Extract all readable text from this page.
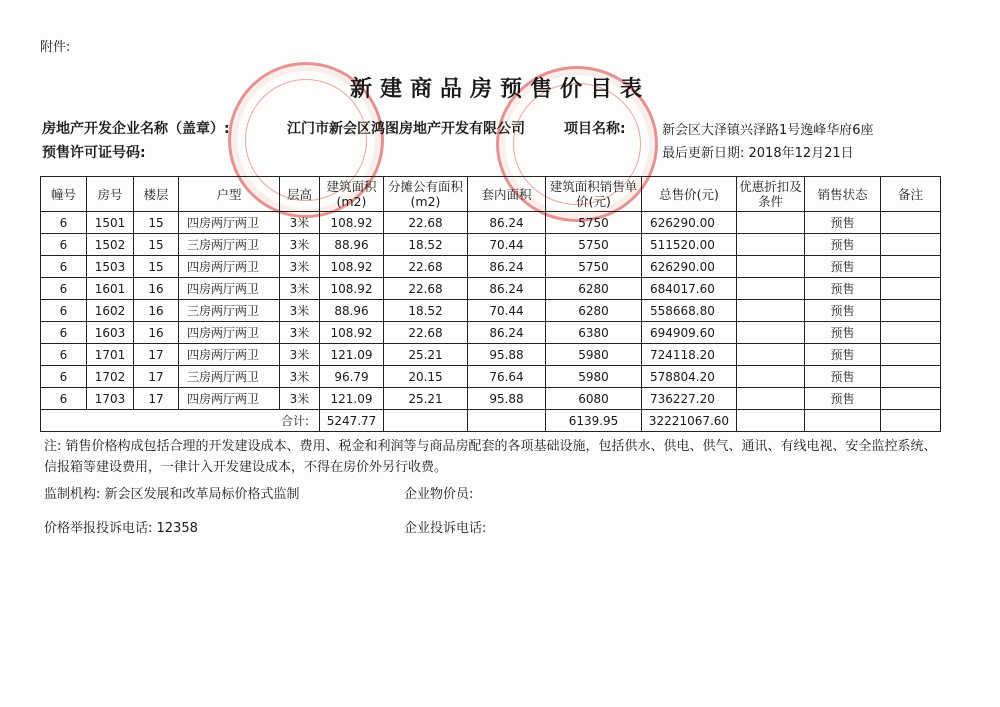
附件:
新建商品房预售价目表
房地产开发企业名称（盖章）:	江门市新会区鸿图房地产开发有限公司	项目名称:	新会区大泽镇兴泽路1号逸峰华府6座
预售许可证号码:	最后更新日期: 2018年12月21日
幢号	房号	楼层	户型	层高	建筑面积(m2)	分摊公有面积(m2)	套内面积	建筑面积销售单价(元)	总售价(元)	优惠折扣及条件	销售状态	备注
6	1501	15	四房两厅两卫	3米	108.92	22.68	86.24	5750	626290.00		预售	
6	1502	15	三房两厅两卫	3米	88.96	18.52	70.44	5750	511520.00		预售	
6	1503	15	四房两厅两卫	3米	108.92	22.68	86.24	5750	626290.00		预售	
6	1601	16	四房两厅两卫	3米	108.92	22.68	86.24	6280	684017.60		预售	
6	1602	16	三房两厅两卫	3米	88.96	18.52	70.44	6280	558668.80		预售	
6	1603	16	四房两厅两卫	3米	108.92	22.68	86.24	6380	694909.60		预售	
6	1701	17	四房两厅两卫	3米	121.09	25.21	95.88	5980	724118.20		预售	
6	1702	17	三房两厅两卫	3米	96.79	20.15	76.64	5980	578804.20		预售	
6	1703	17	四房两厅两卫	3米	121.09	25.21	95.88	6080	736227.20		预售	
合计:					5247.77			6139.95	32221067.60			
注: 销售价格构成包括合理的开发建设成本、费用、税金和利润等与商品房配套的各项基础设施，包括供水、供电、供气、通讯、有线电视、安全监控系统、信报箱等建设费用，一律计入开发建设成本，不得在房价外另行收费。
监制机构: 新会区发展和改革局标价格式监制	企业物价员:
价格举报投诉电话: 12358	企业投诉电话:
